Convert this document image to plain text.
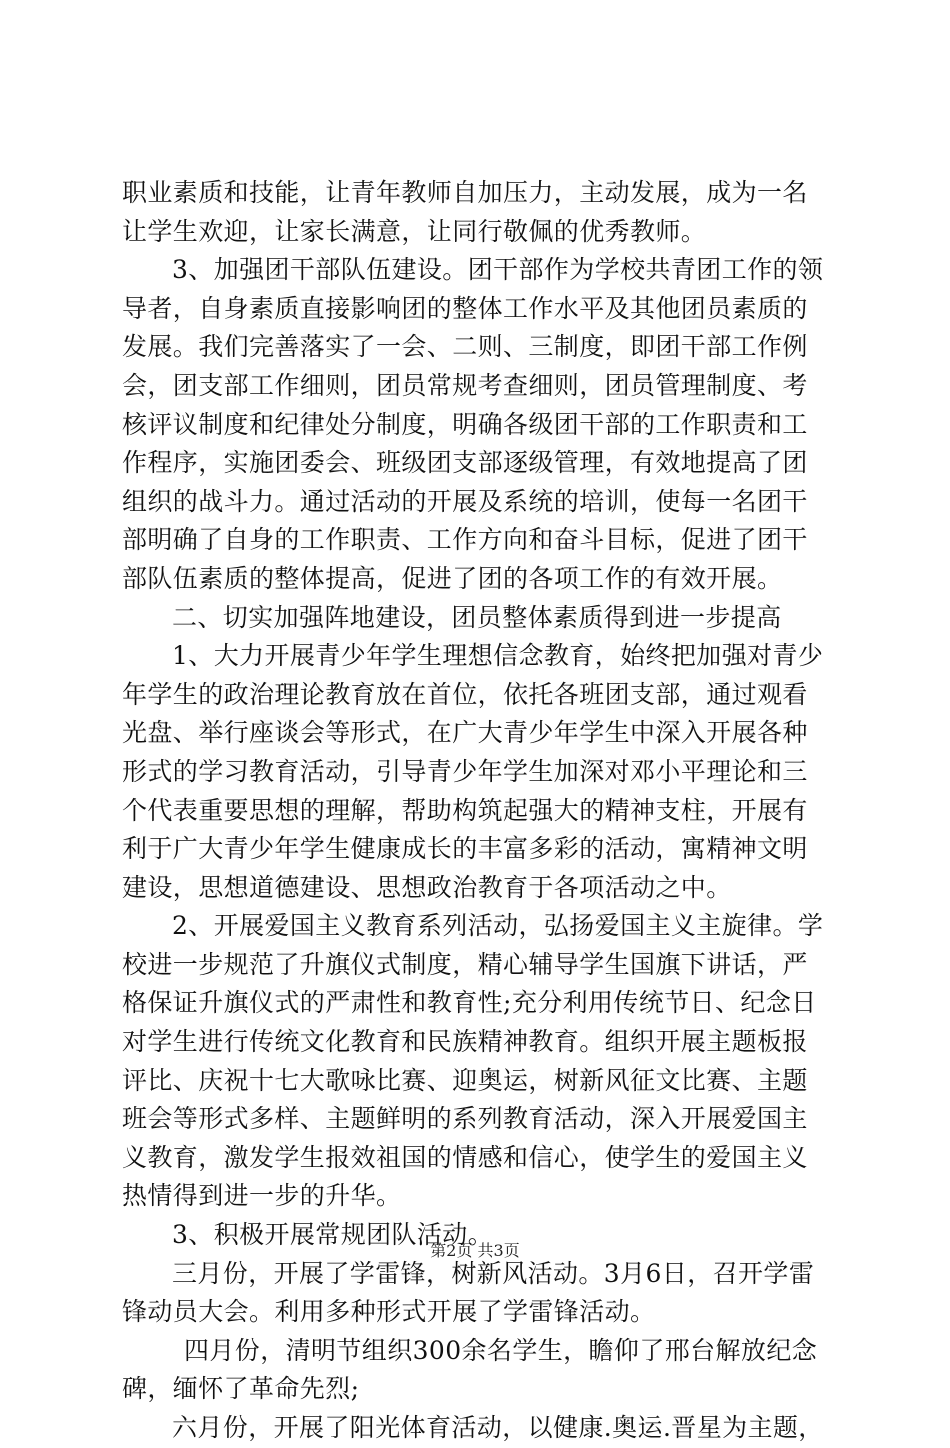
职业素质和技能，让青年教师自加压力，主动发展，成为一名
让学生欢迎，让家长满意，让同行敬佩的优秀教师。
3、加强团干部队伍建设。团干部作为学校共青团工作的领
导者，自身素质直接影响团的整体工作水平及其他团员素质的
发展。我们完善落实了一会、二则、三制度，即团干部工作例
会，团支部工作细则，团员常规考查细则，团员管理制度、考
核评议制度和纪律处分制度，明确各级团干部的工作职责和工
作程序，实施团委会、班级团支部逐级管理，有效地提高了团
组织的战斗力。通过活动的开展及系统的培训，使每一名团干
部明确了自身的工作职责、工作方向和奋斗目标，促进了团干
部队伍素质的整体提高，促进了团的各项工作的有效开展。
二、切实加强阵地建设，团员整体素质得到进一步提高
1、大力开展青少年学生理想信念教育，始终把加强对青少
年学生的政治理论教育放在首位，依托各班团支部，通过观看
光盘、举行座谈会等形式，在广大青少年学生中深入开展各种
形式的学习教育活动，引导青少年学生加深对邓小平理论和三
个代表重要思想的理解，帮助构筑起强大的精神支柱，开展有
利于广大青少年学生健康成长的丰富多彩的活动，寓精神文明
建设，思想道德建设、思想政治教育于各项活动之中。
2、开展爱国主义教育系列活动，弘扬爱国主义主旋律。学
校进一步规范了升旗仪式制度，精心辅导学生国旗下讲话，严
格保证升旗仪式的严肃性和教育性;充分利用传统节日、纪念日
对学生进行传统文化教育和民族精神教育。组织开展主题板报
评比、庆祝十七大歌咏比赛、迎奥运，树新风征文比赛、主题
班会等形式多样、主题鲜明的系列教育活动，深入开展爱国主
义教育，激发学生报效祖国的情感和信心，使学生的爱国主义
热情得到进一步的升华。
3、积极开展常规团队活动。
三月份，开展了学雷锋，树新风活动。3月6日，召开学雷
锋动员大会。利用多种形式开展了学雷锋活动。
四月份，清明节组织300余名学生，瞻仰了邢台解放纪念
碑，缅怀了革命先烈;
六月份，开展了阳光体育活动，以健康.奥运.晋星为主题，
第2页 共3页
